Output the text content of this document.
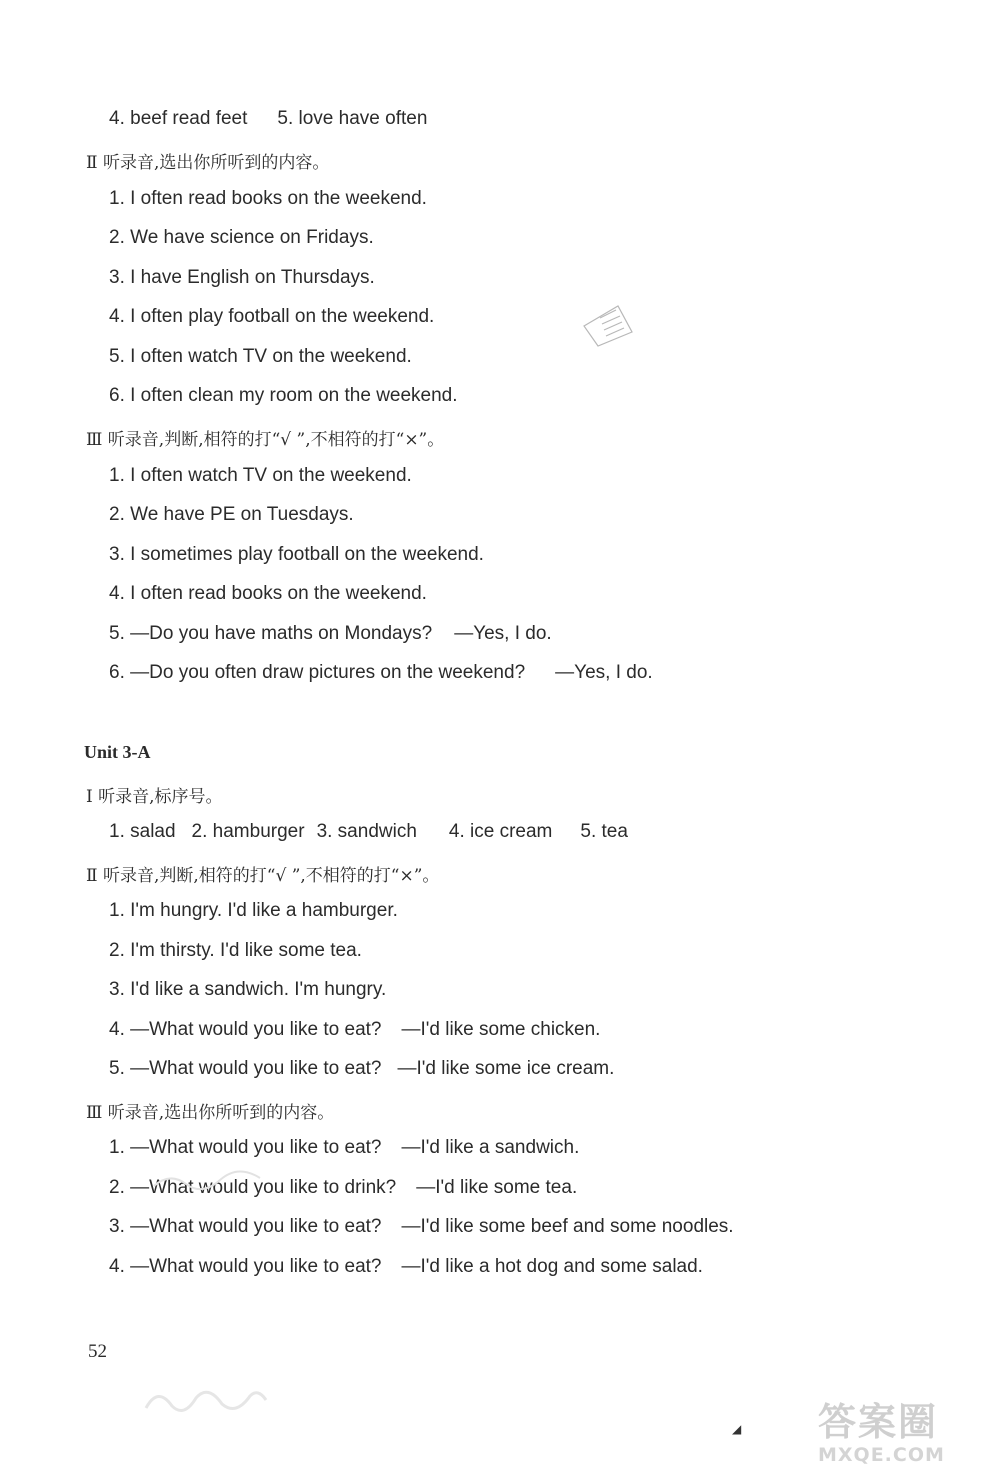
4. beef read feet 5. love have often
Ⅱ 听录音,选出你所听到的内容。
1. I often read books on the weekend.
2. We have science on Fridays.
3. I have English on Thursdays.
4. I often play football on the weekend.
5. I often watch TV on the weekend.
6. I often clean my room on the weekend.
Ⅲ 听录音,判断,相符的打“√ ”,不相符的打“×”。
1. I often watch TV on the weekend.
2. We have PE on Tuesdays.
3. I sometimes play football on the weekend.
4. I often read books on the weekend.
5. —Do you have maths on Mondays? —Yes, I do.
6. —Do you often draw pictures on the weekend? —Yes, I do.
Unit 3-A
Ⅰ 听录音,标序号。
1. salad 2. hamburger 3. sandwich 4. ice cream 5. tea
Ⅱ 听录音,判断,相符的打“√ ”,不相符的打“×”。
1. I'm hungry. I'd like a hamburger.
2. I'm thirsty. I'd like some tea.
3. I'd like a sandwich. I'm hungry.
4. —What would you like to eat? —I'd like some chicken.
5. —What would you like to eat? —I'd like some ice cream.
Ⅲ 听录音,选出你所听到的内容。
1. —What would you like to eat? —I'd like a sandwich.
2. —What would you like to drink? —I'd like some tea.
3. —What would you like to eat? —I'd like some beef and some noodles.
4. —What would you like to eat? —I'd like a hot dog and some salad.
52
◢ 答案圈
MXQE.COM
